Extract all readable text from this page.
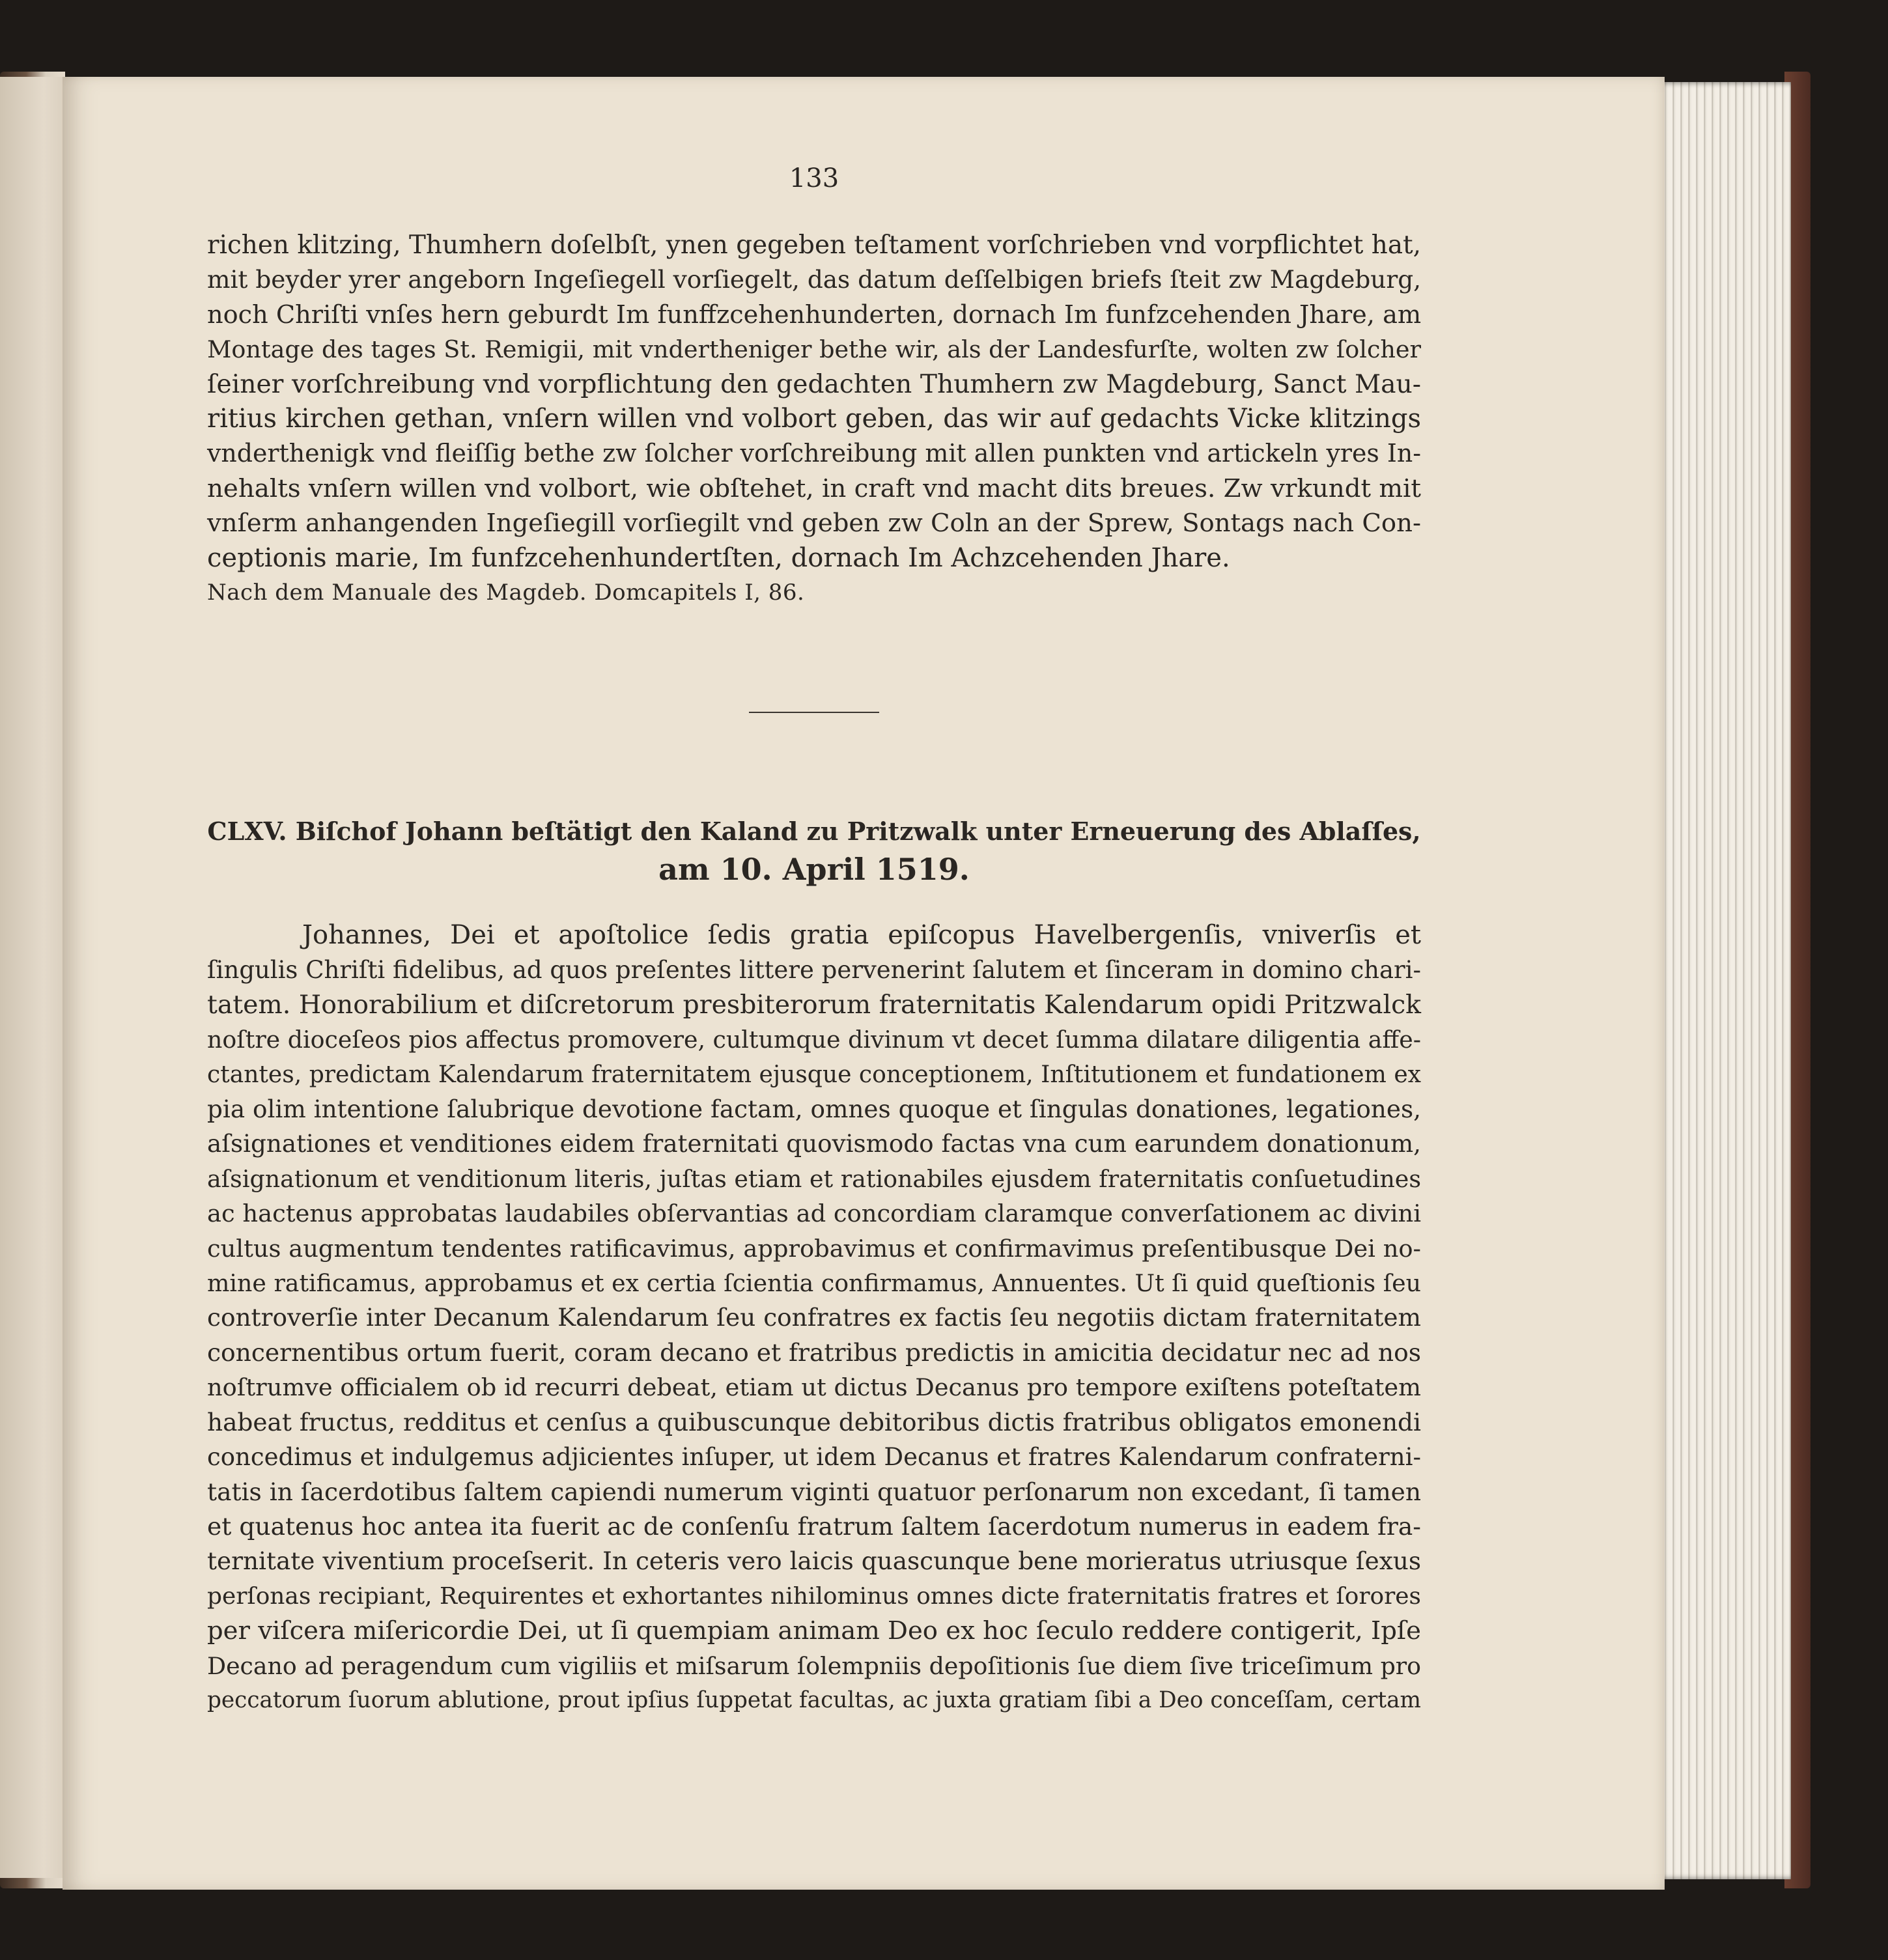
133
richen klitzing, Thumhern doſelbſt, ynen gegeben teſtament vorſchrieben vnd vorpflichtet hat,
mit beyder yrer angeborn Ingeſiegell vorſiegelt, das datum deſſelbigen briefs ſteit zw Magdeburg,
noch Chriſti vnſes hern geburdt Im funffzcehenhunderten, dornach Im funfzcehenden Jhare, am
Montage des tages St. Remigii, mit vndertheniger bethe wir, als der Landesfurſte, wolten zw ſolcher
ſeiner vorſchreibung vnd vorpflichtung den gedachten Thumhern zw Magdeburg, Sanct Mau-
ritius kirchen gethan, vnſern willen vnd volbort geben, das wir auf gedachts Vicke klitzings
vnderthenigk vnd fleiſſig bethe zw ſolcher vorſchreibung mit allen punkten vnd artickeln yres In-
nehalts vnſern willen vnd volbort, wie obſtehet, in craft vnd macht dits breues. Zw vrkundt mit
vnſerm anhangenden Ingeſiegill vorſiegilt vnd geben zw Coln an der Sprew, Sontags nach Con-
ceptionis marie, Im funfzcehenhundertſten, dornach Im Achzcehenden Jhare.
Nach dem Manuale des Magdeb. Domcapitels I, 86.
CLXV. Biſchof Johann beſtätigt den Kaland zu Pritzwalk unter Erneuerung des Ablaſſes,
am 10. April 1519.
Johannes, Dei et apoſtolice ſedis gratia epiſcopus Havelbergenſis, vniverſis et
ſingulis Chriſti fidelibus, ad quos preſentes littere pervenerint ſalutem et ſinceram in domino chari-
tatem. Honorabilium et diſcretorum presbiterorum fraternitatis Kalendarum opidi Pritzwalck
noſtre dioceſeos pios affectus promovere, cultumque divinum vt decet ſumma dilatare diligentia affe-
ctantes, predictam Kalendarum fraternitatem ejusque conceptionem, Inſtitutionem et fundationem ex
pia olim intentione ſalubrique devotione factam, omnes quoque et ſingulas donationes, legationes,
aſsignationes et venditiones eidem fraternitati quovismodo factas vna cum earundem donationum,
aſsignationum et venditionum literis, juſtas etiam et rationabiles ejusdem fraternitatis conſuetudines
ac hactenus approbatas laudabiles obſervantias ad concordiam claramque converſationem ac divini
cultus augmentum tendentes ratificavimus, approbavimus et confirmavimus preſentibusque Dei no-
mine ratificamus, approbamus et ex certia ſcientia confirmamus, Annuentes. Ut ſi quid queſtionis ſeu
controverſie inter Decanum Kalendarum ſeu confratres ex factis ſeu negotiis dictam fraternitatem
concernentibus ortum fuerit, coram decano et fratribus predictis in amicitia decidatur nec ad nos
noſtrumve officialem ob id recurri debeat, etiam ut dictus Decanus pro tempore exiſtens poteſtatem
habeat fructus, redditus et cenſus a quibuscunque debitoribus dictis fratribus obligatos emonendi
concedimus et indulgemus adjicientes inſuper, ut idem Decanus et fratres Kalendarum confraterni-
tatis in ſacerdotibus ſaltem capiendi numerum viginti quatuor perſonarum non excedant, ſi tamen
et quatenus hoc antea ita fuerit ac de conſenſu fratrum ſaltem ſacerdotum numerus in eadem fra-
ternitate viventium proceſserit. In ceteris vero laicis quascunque bene morieratus utriusque ſexus
perſonas recipiant, Requirentes et exhortantes nihilominus omnes dicte fraternitatis fratres et ſorores
per viſcera miſericordie Dei, ut ſi quempiam animam Deo ex hoc ſeculo reddere contigerit, Ipſe
Decano ad peragendum cum vigiliis et miſsarum ſolempniis depoſitionis ſue diem ſive triceſimum pro
peccatorum ſuorum ablutione, prout ipſius ſuppetat facultas, ac juxta gratiam ſibi a Deo conceſſam, certam
